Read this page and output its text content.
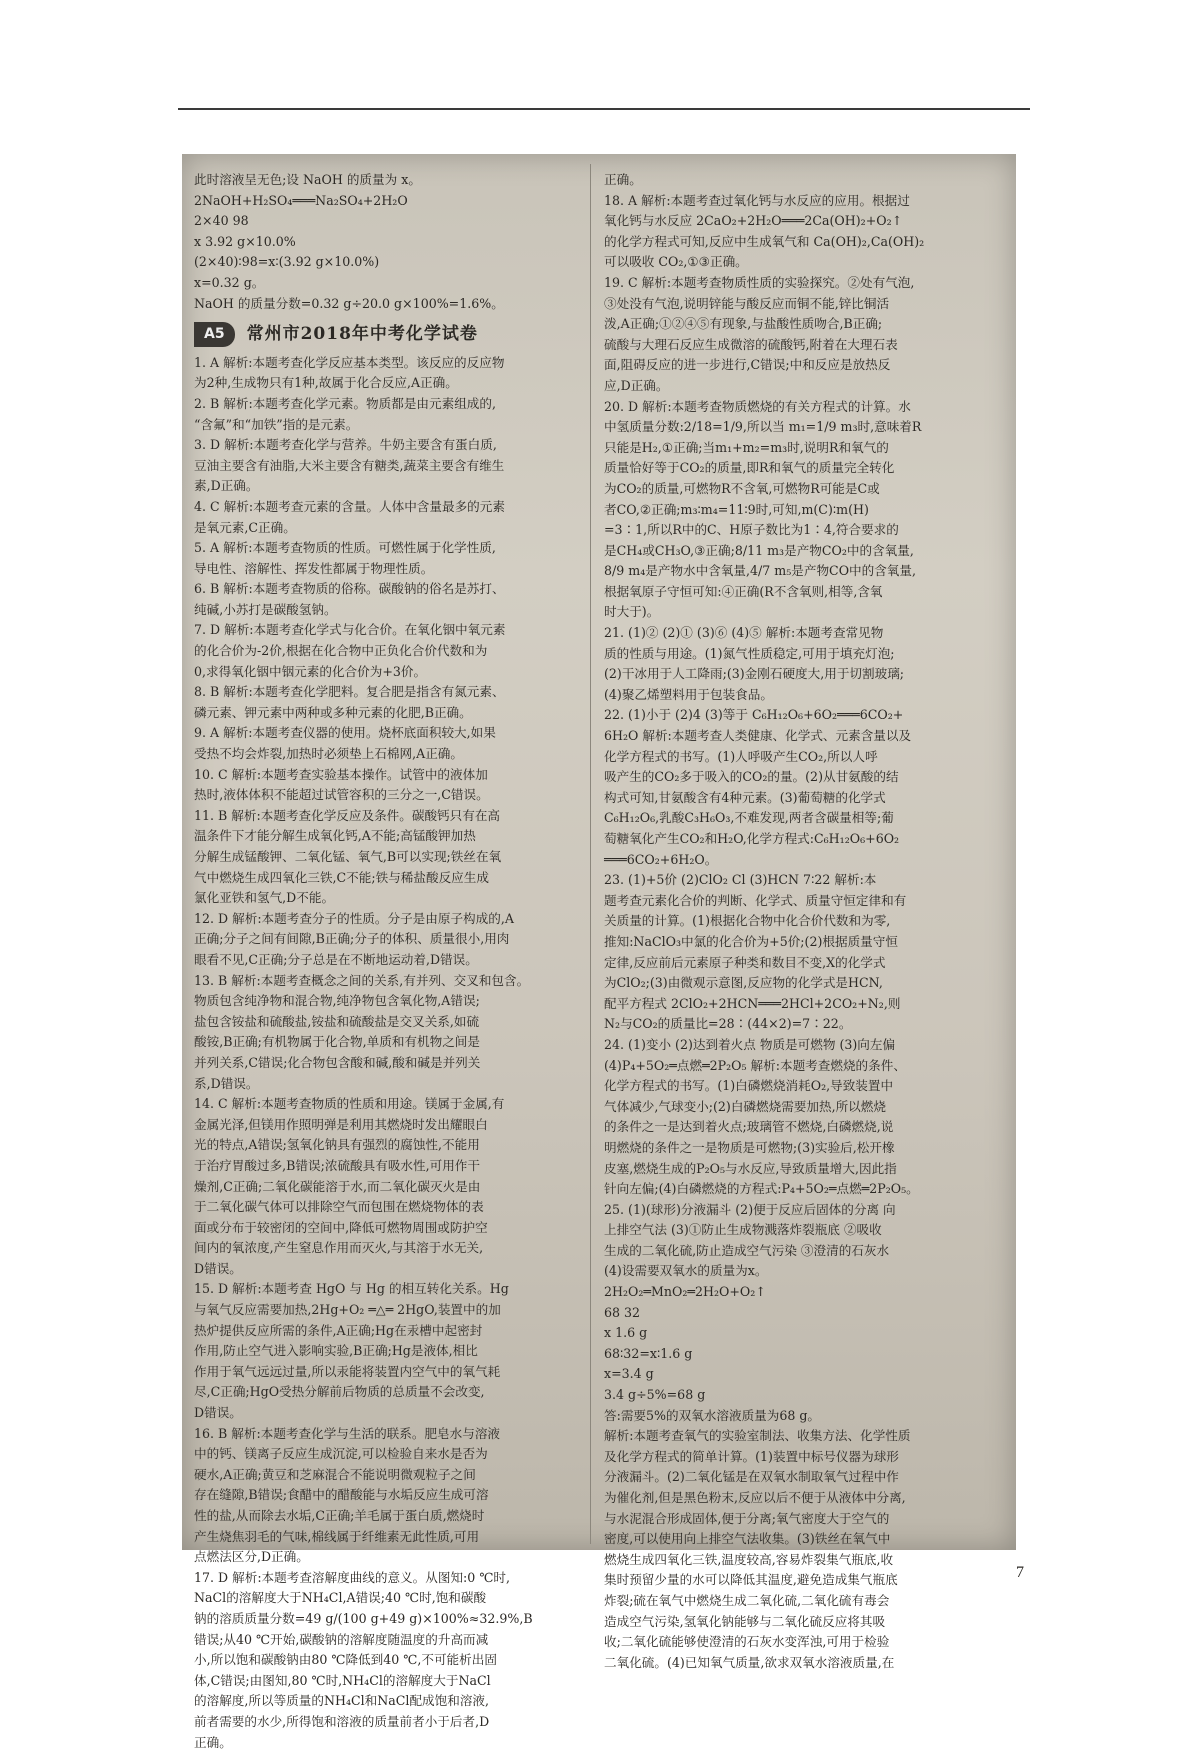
此时溶液呈无色;设 NaOH 的质量为 x。
2NaOH+H₂SO₄═══Na₂SO₄+2H₂O
2×40 98
x 3.92 g×10.0%
(2×40)∶98=x∶(3.92 g×10.0%)
x=0.32 g。
NaOH 的质量分数=0.32 g÷20.0 g×100%=1.6%。
A5	常州市2018年中考化学试卷
1. A 解析:本题考查化学反应基本类型。该反应的反应物
为2种,生成物只有1种,故属于化合反应,A正确。
2. B 解析:本题考查化学元素。物质都是由元素组成的,
“含氟”和“加铁”指的是元素。
3. D 解析:本题考查化学与营养。牛奶主要含有蛋白质,
豆油主要含有油脂,大米主要含有糖类,蔬菜主要含有维生
素,D正确。
4. C 解析:本题考查元素的含量。人体中含量最多的元素
是氧元素,C正确。
5. A 解析:本题考查物质的性质。可燃性属于化学性质,
导电性、溶解性、挥发性都属于物理性质。
6. B 解析:本题考查物质的俗称。碳酸钠的俗名是苏打、
纯碱,小苏打是碳酸氢钠。
7. D 解析:本题考查化学式与化合价。在氧化铟中氧元素
的化合价为-2价,根据在化合物中正负化合价代数和为
0,求得氧化铟中铟元素的化合价为+3价。
8. B 解析:本题考查化学肥料。复合肥是指含有氮元素、
磷元素、钾元素中两种或多种元素的化肥,B正确。
9. A 解析:本题考查仪器的使用。烧杯底面积较大,如果
受热不均会炸裂,加热时必须垫上石棉网,A正确。
10. C 解析:本题考查实验基本操作。试管中的液体加
热时,液体体积不能超过试管容积的三分之一,C错误。
11. B 解析:本题考查化学反应及条件。碳酸钙只有在高
温条件下才能分解生成氧化钙,A不能;高锰酸钾加热
分解生成锰酸钾、二氧化锰、氧气,B可以实现;铁丝在氧
气中燃烧生成四氧化三铁,C不能;铁与稀盐酸反应生成
氯化亚铁和氢气,D不能。
12. D 解析:本题考查分子的性质。分子是由原子构成的,A
正确;分子之间有间隙,B正确;分子的体积、质量很小,用肉
眼看不见,C正确;分子总是在不断地运动着,D错误。
13. B 解析:本题考查概念之间的关系,有并列、交叉和包含。
物质包含纯净物和混合物,纯净物包含氧化物,A错误;
盐包含铵盐和硫酸盐,铵盐和硫酸盐是交叉关系,如硫
酸铵,B正确;有机物属于化合物,单质和有机物之间是
并列关系,C错误;化合物包含酸和碱,酸和碱是并列关
系,D错误。
14. C 解析:本题考查物质的性质和用途。镁属于金属,有
金属光泽,但镁用作照明弹是利用其燃烧时发出耀眼白
光的特点,A错误;氢氧化钠具有强烈的腐蚀性,不能用
于治疗胃酸过多,B错误;浓硫酸具有吸水性,可用作干
燥剂,C正确;二氧化碳能溶于水,而二氧化碳灭火是由
于二氧化碳气体可以排除空气而包围在燃烧物体的表
面或分布于较密闭的空间中,降低可燃物周围或防护空
间内的氧浓度,产生窒息作用而灭火,与其溶于水无关,
D错误。
15. D 解析:本题考查 HgO 与 Hg 的相互转化关系。Hg
与氧气反应需要加热,2Hg+O₂ ═△═ 2HgO,装置中的加
热炉提供反应所需的条件,A正确;Hg在汞槽中起密封
作用,防止空气进入影响实验,B正确;Hg是液体,相比
作用于氧气远远过量,所以汞能将装置内空气中的氧气耗
尽,C正确;HgO受热分解前后物质的总质量不会改变,
D错误。
16. B 解析:本题考查化学与生活的联系。肥皂水与溶液
中的钙、镁离子反应生成沉淀,可以检验自来水是否为
硬水,A正确;黄豆和芝麻混合不能说明微观粒子之间
存在缝隙,B错误;食醋中的醋酸能与水垢反应生成可溶
性的盐,从而除去水垢,C正确;羊毛属于蛋白质,燃烧时
产生烧焦羽毛的气味,棉线属于纤维素无此性质,可用
点燃法区分,D正确。
17. D 解析:本题考查溶解度曲线的意义。从图知:0 ℃时,
NaCl的溶解度大于NH₄Cl,A错误;40 ℃时,饱和碳酸
钠的溶质质量分数=49 g/(100 g+49 g)×100%≈32.9%,B
错误;从40 ℃开始,碳酸钠的溶解度随温度的升高而减
小,所以饱和碳酸钠由80 ℃降低到40 ℃,不可能析出固
体,C错误;由图知,80 ℃时,NH₄Cl的溶解度大于NaCl
的溶解度,所以等质量的NH₄Cl和NaCl配成饱和溶液,
前者需要的水少,所得饱和溶液的质量前者小于后者,D
正确。
正确。
18. A 解析:本题考查过氧化钙与水反应的应用。根据过
氧化钙与水反应 2CaO₂+2H₂O═══2Ca(OH)₂+O₂↑
的化学方程式可知,反应中生成氧气和 Ca(OH)₂,Ca(OH)₂
可以吸收 CO₂,①③正确。
19. C 解析:本题考查物质性质的实验探究。②处有气泡,
③处没有气泡,说明锌能与酸反应而铜不能,锌比铜活
泼,A正确;①②④⑤有现象,与盐酸性质吻合,B正确;
硫酸与大理石反应生成微溶的硫酸钙,附着在大理石表
面,阻碍反应的进一步进行,C错误;中和反应是放热反
应,D正确。
20. D 解析:本题考查物质燃烧的有关方程式的计算。水
中氢质量分数:2/18=1/9,所以当 m₁=1/9 m₃时,意味着R
只能是H₂,①正确;当m₁+m₂=m₃时,说明R和氧气的
质量恰好等于CO₂的质量,即R和氧气的质量完全转化
为CO₂的质量,可燃物R不含氧,可燃物R可能是C或
者CO,②正确;m₃∶m₄=11∶9时,可知,m(C)∶m(H)
=3∶1,所以R中的C、H原子数比为1∶4,符合要求的
是CH₄或CH₃O,③正确;8/11 m₃是产物CO₂中的含氧量,
8/9 m₄是产物水中含氧量,4/7 m₅是产物CO中的含氧量,
根据氧原子守恒可知:④正确(R不含氧则,相等,含氧
时大于)。
21. (1)② (2)① (3)⑥ (4)⑤ 解析:本题考查常见物
质的性质与用途。(1)氮气性质稳定,可用于填充灯泡;
(2)干冰用于人工降雨;(3)金刚石硬度大,用于切割玻璃;
(4)聚乙烯塑料用于包装食品。
22. (1)小于 (2)4 (3)等于 C₆H₁₂O₆+6O₂═══6CO₂+
6H₂O 解析:本题考查人类健康、化学式、元素含量以及
化学方程式的书写。(1)人呼吸产生CO₂,所以人呼
吸产生的CO₂多于吸入的CO₂的量。(2)从甘氨酸的结
构式可知,甘氨酸含有4种元素。(3)葡萄糖的化学式
C₆H₁₂O₆,乳酸C₃H₆O₃,不难发现,两者含碳量相等;葡
萄糖氧化产生CO₂和H₂O,化学方程式:C₆H₁₂O₆+6O₂
═══6CO₂+6H₂O。
23. (1)+5价 (2)ClO₂ Cl (3)HCN 7∶22 解析:本
题考查元素化合价的判断、化学式、质量守恒定律和有
关质量的计算。(1)根据化合物中化合价代数和为零,
推知:NaClO₃中氯的化合价为+5价;(2)根据质量守恒
定律,反应前后元素原子种类和数目不变,X的化学式
为ClO₂;(3)由微观示意图,反应物的化学式是HCN,
配平方程式 2ClO₂+2HCN═══2HCl+2CO₂+N₂,则
N₂与CO₂的质量比=28∶(44×2)=7∶22。
24. (1)变小 (2)达到着火点 物质是可燃物 (3)向左偏
(4)P₄+5O₂═点燃═2P₂O₅ 解析:本题考查燃烧的条件、
化学方程式的书写。(1)白磷燃烧消耗O₂,导致装置中
气体减少,气球变小;(2)白磷燃烧需要加热,所以燃烧
的条件之一是达到着火点;玻璃管不燃烧,白磷燃烧,说
明燃烧的条件之一是物质是可燃物;(3)实验后,松开橡
皮塞,燃烧生成的P₂O₅与水反应,导致质量增大,因此指
针向左偏;(4)白磷燃烧的方程式:P₄+5O₂═点燃═2P₂O₅。
25. (1)(球形)分液漏斗 (2)便于反应后固体的分离 向
上排空气法 (3)①防止生成物溅落炸裂瓶底 ②吸收
生成的二氧化硫,防止造成空气污染 ③澄清的石灰水
(4)设需要双氧水的质量为x。
2H₂O₂═MnO₂═2H₂O+O₂↑
68 32
x 1.6 g
68∶32=x∶1.6 g
x=3.4 g
3.4 g÷5%=68 g
答:需要5%的双氧水溶液质量为68 g。
解析:本题考查氧气的实验室制法、收集方法、化学性质
及化学方程式的简单计算。(1)装置中标号仪器为球形
分液漏斗。(2)二氧化锰是在双氧水制取氧气过程中作
为催化剂,但是黑色粉末,反应以后不便于从液体中分离,
与水泥混合形成固体,便于分离;氧气密度大于空气的
密度,可以使用向上排空气法收集。(3)铁丝在氧气中
燃烧生成四氧化三铁,温度较高,容易炸裂集气瓶底,收
集时预留少量的水可以降低其温度,避免造成集气瓶底
炸裂;硫在氧气中燃烧生成二氧化硫,二氧化硫有毒会
造成空气污染,氢氧化钠能够与二氧化硫反应将其吸
收;二氧化硫能够使澄清的石灰水变浑浊,可用于检验
二氧化硫。(4)已知氧气质量,欲求双氧水溶液质量,在
7
